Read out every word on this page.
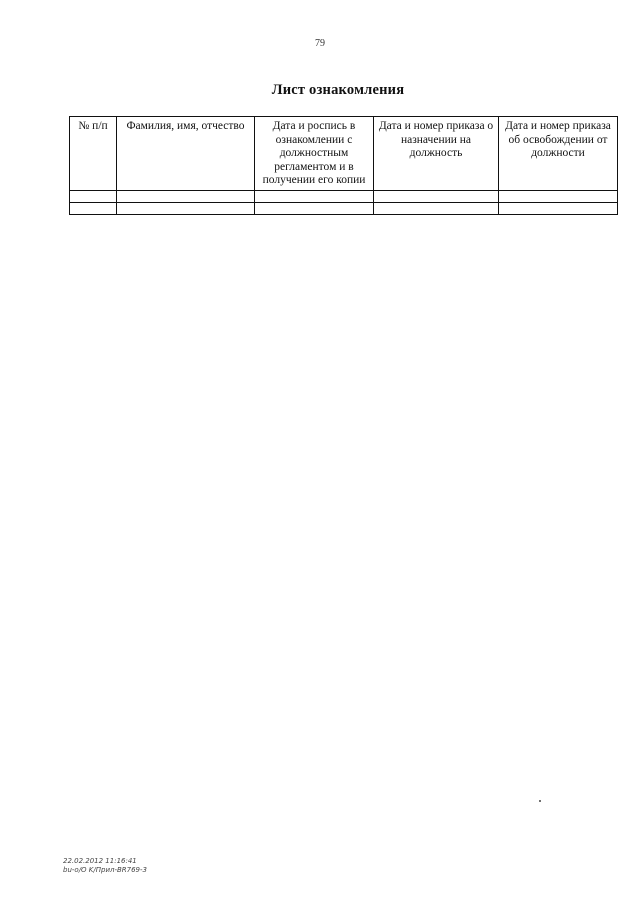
79
Лист ознакомления
№ п/п	Фамилия, имя, отчество	Дата и роспись в ознакомлении с должностным регламентом и в получении его копии	Дата и номер приказа о назначении на должность	Дата и номер приказа об освобождении от должности

22.02.2012 11:16:41
bu-o/O K/Прил-BR769-3
